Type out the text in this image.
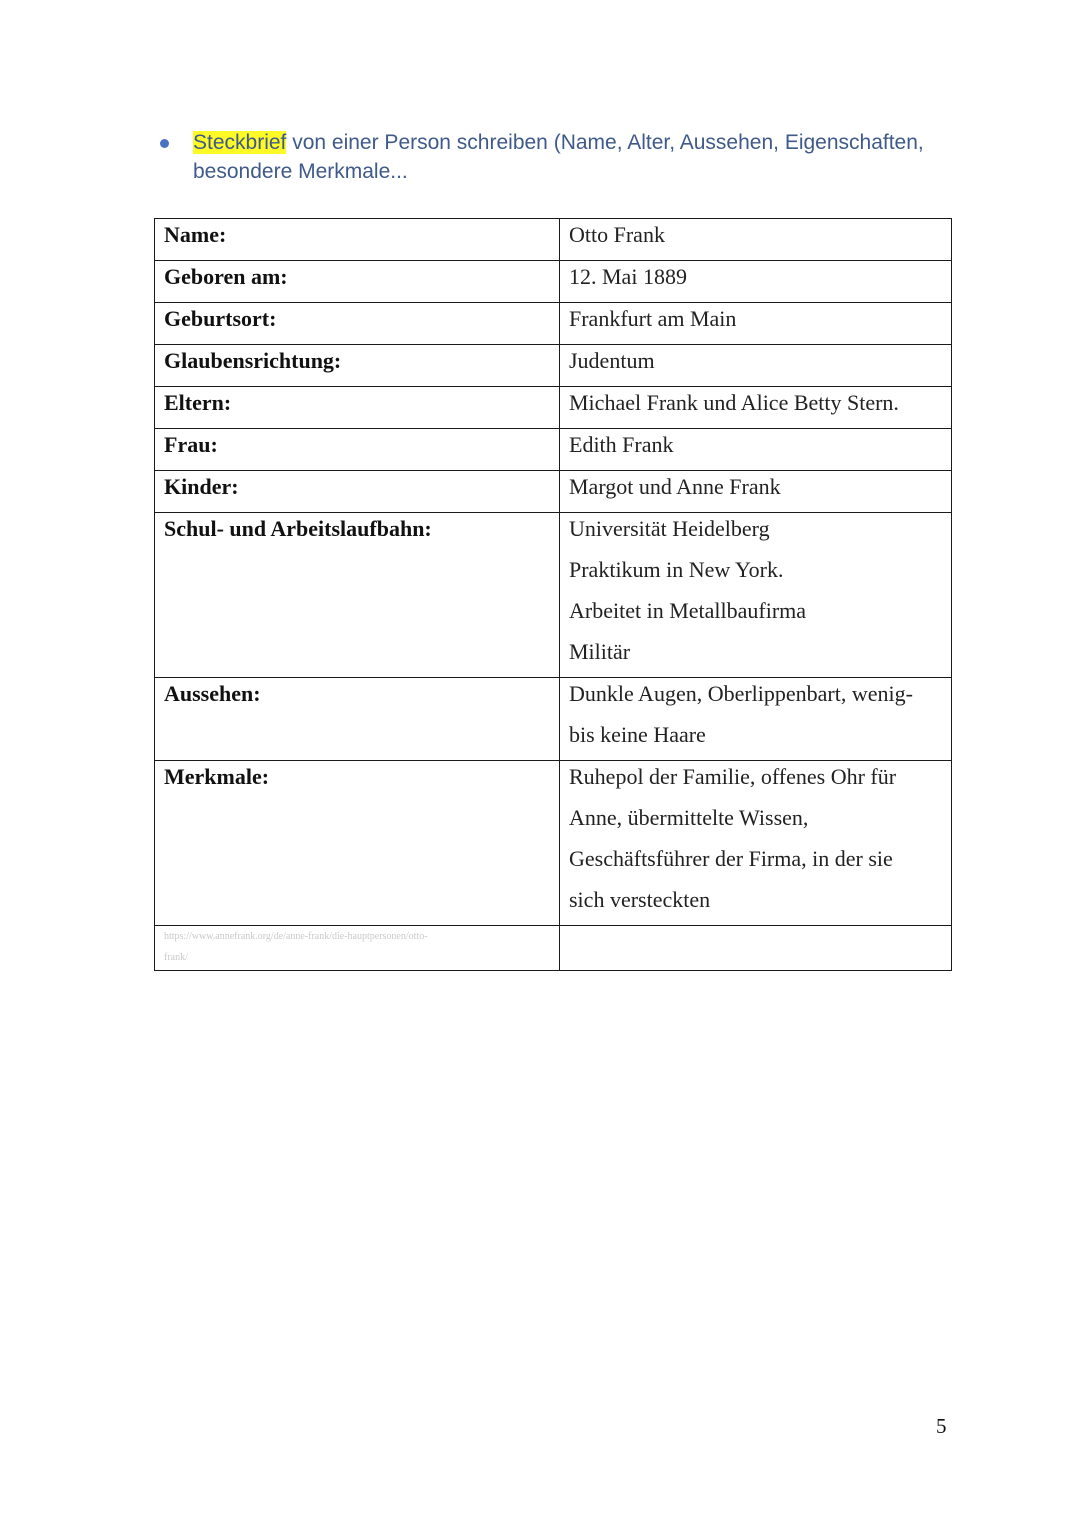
Steckbrief von einer Person schreiben (Name, Alter, Aussehen, Eigenschaften,
besondere Merkmale...
Name:	Otto Frank

Geboren am:	12. Mai 1889

Geburtsort:	Frankfurt am Main

Glaubensrichtung:	Judentum

Eltern:	Michael Frank und Alice Betty Stern.

Frau:	Edith Frank

Kinder:	Margot und Anne Frank

Schul- und Arbeitslaufbahn:	Universität Heidelberg
Praktikum in New York.
Arbeitet in Metallbaufirma
Militär

Aussehen:	Dunkle Augen, Oberlippenbart, wenig-
bis keine Haare

Merkmale:	Ruhepol der Familie, offenes Ohr für
Anne, übermittelte Wissen,
Geschäftsführer der Firma, in der sie
sich versteckten

https://www.annefrank.org/de/anne-frank/die-hauptpersonen/otto-
frank/	

5
